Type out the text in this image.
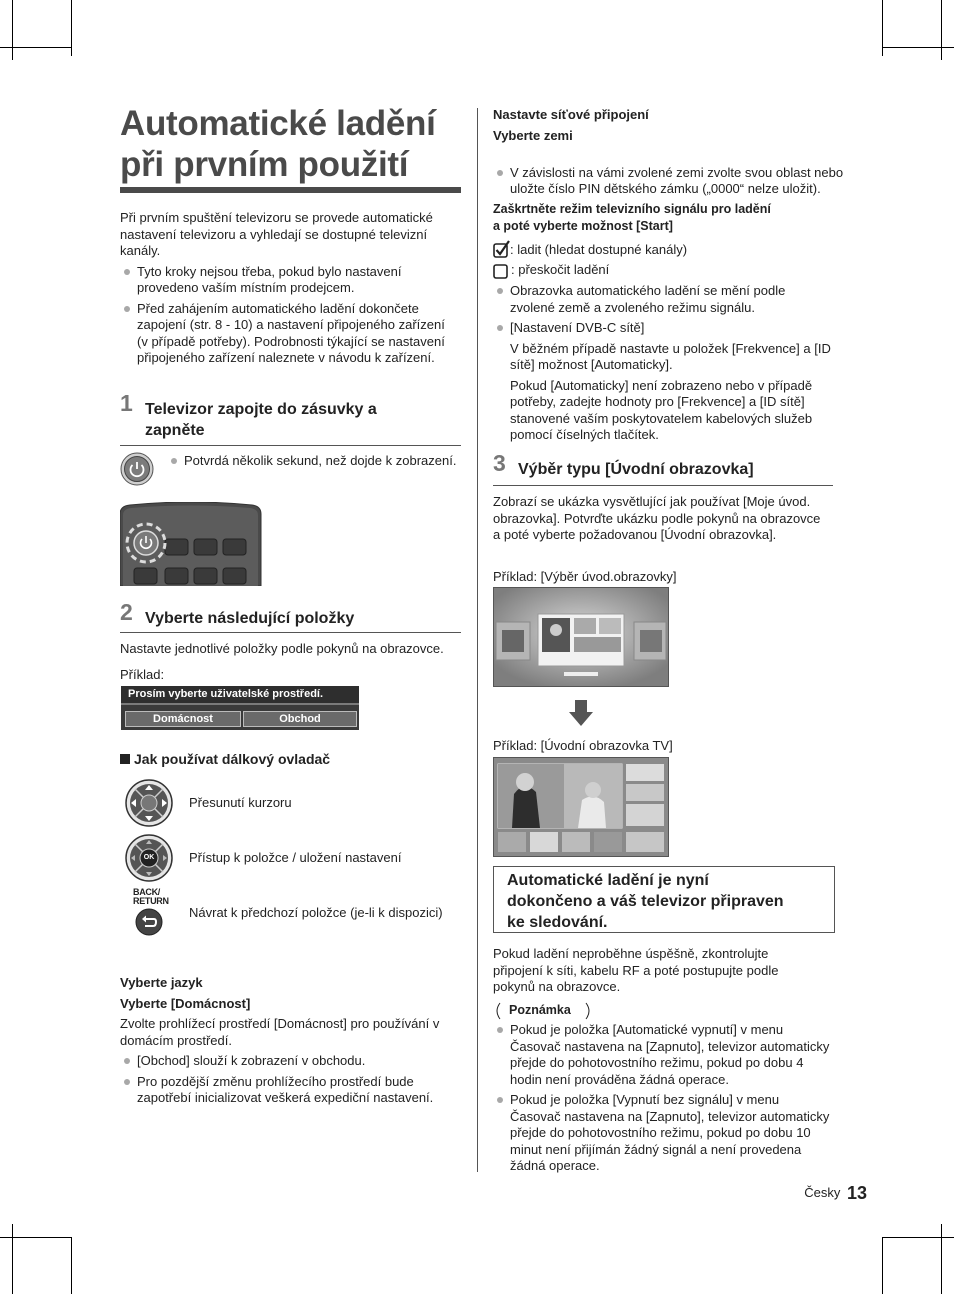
Automatické ladění
při prvním použití

Při prvním spuštění televizoru se provede automatické nastavení televizoru a vyhledají se dostupné televizní kanály.

Tyto kroky nejsou třeba, pokud bylo nastavení provedeno vaším místním prodejcem.

Před zahájením automatického ladění dokončete zapojení (str. 8 - 10) a nastavení připojeného zařízení (v případě potřeby). Podrobnosti týkající se nastavení připojeného zařízení naleznete v návodu k zařízení.

1 Televizor zapojte do zásuvky a
zapněte

Potvrdá několik sekund, než dojde k zobrazení.

2 Vyberte následující položky

Nastavte jednotlivé položky podle pokynů na obrazovce.

Příklad:

Prosím vyberte uživatelské prostředí.
Domácnost	Obchod
Jak používat dálkový ovladač

Přesunutí kurzoru

OK	Přístup k položce / uložení nastavení

BACK/
RETURN

Návrat k předchozí položce (je-li k dispozici)

Vyberte jazyk

Vyberte [Domácnost]

Zvolte prohlížecí prostředí [Domácnost] pro používání v domácím prostředí.

[Obchod] slouží k zobrazení v obchodu.

Pro pozdější změnu prohlížecího prostředí bude zapotřebí inicializovat veškerá expediční nastavení.

Nastavte síťové připojení

Vyberte zemi

V závislosti na vámi zvolené zemi zvolte svou oblast nebo uložte číslo PIN dětského zámku („0000“ nelze uložit).

Zaškrtněte režim televizního signálu pro ladění
a poté vyberte možnost [Start]

: ladit (hledat dostupné kanály)

: přeskočit ladění

Obrazovka automatického ladění se mění podle zvolené země a zvoleného režimu signálu.

[Nastavení DVB-C sítě]

V běžném případě nastavte u položek [Frekvence] a [ID sítě] možnost [Automaticky].

Pokud [Automaticky] není zobrazeno nebo v případě potřeby, zadejte hodnoty pro [Frekvence] a [ID sítě] stanovené vaším poskytovatelem kabelových služeb pomocí číselných tlačítek.

3 Výběr typu [Úvodní obrazovka]

Zobrazí se ukázka vysvětlující jak používat [Moje úvod. obrazovka]. Potvrďte ukázku podle pokynů na obrazovce a poté vyberte požadovanou [Úvodní obrazovka].

Příklad: [Výběr úvod.obrazovky]

Příklad: [Úvodní obrazovka TV]

Automatické ladění je nyní
dokončeno a váš televizor připraven
ke sledování.

Pokud ladění neproběhne úspěšně, zkontrolujte připojení k síti, kabelu RF a poté postupujte podle pokynů na obrazovce.

Poznámka

Pokud je položka [Automatické vypnutí] v menu Časovač nastavena na [Zapnuto], televizor automaticky přejde do pohotovostního režimu, pokud po dobu 4 hodin není prováděna žádná operace.

Pokud je položka [Vypnutí bez signálu] v menu Časovač nastavena na [Zapnuto], televizor automaticky přejde do pohotovostního režimu, pokud po dobu 10 minut není přijímán žádný signál a není provedena žádná operace.

Česky 13
